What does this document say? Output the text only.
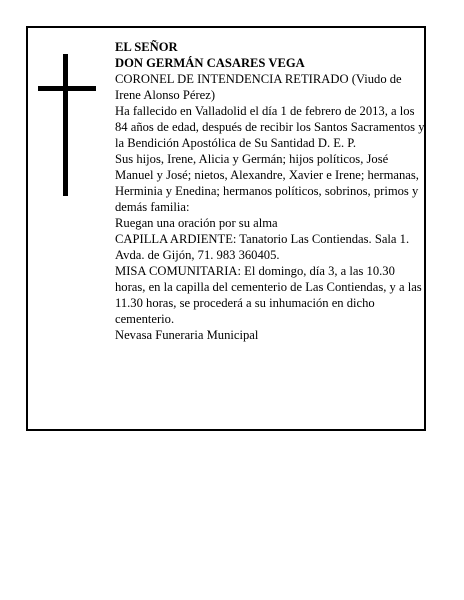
EL SEÑOR

DON GERMÁN CASARES VEGA

CORONEL DE INTENDENCIA RETIRADO (Viudo de Irene Alonso Pérez)

Ha fallecido en Valladolid el día 1 de febrero de 2013, a los 84 años de edad, después de recibir los Santos Sacramentos y la Bendición Apostólica de Su Santidad D. E. P.

Sus hijos, Irene, Alicia y Germán; hijos políticos, José Manuel y José; nietos, Alexandre, Xavier e Irene; hermanas, Herminia y Enedina; hermanos políticos, sobrinos, primos y demás familia:

Ruegan una oración por su alma

CAPILLA ARDIENTE: Tanatorio Las Contiendas. Sala 1. Avda. de Gijón, 71. 983 360405.

MISA COMUNITARIA: El domingo, día 3, a las 10.30 horas, en la capilla del cementerio de Las Contiendas, y a las 11.30 horas, se procederá a su inhumación en dicho cementerio.

Nevasa Funeraria Municipal
